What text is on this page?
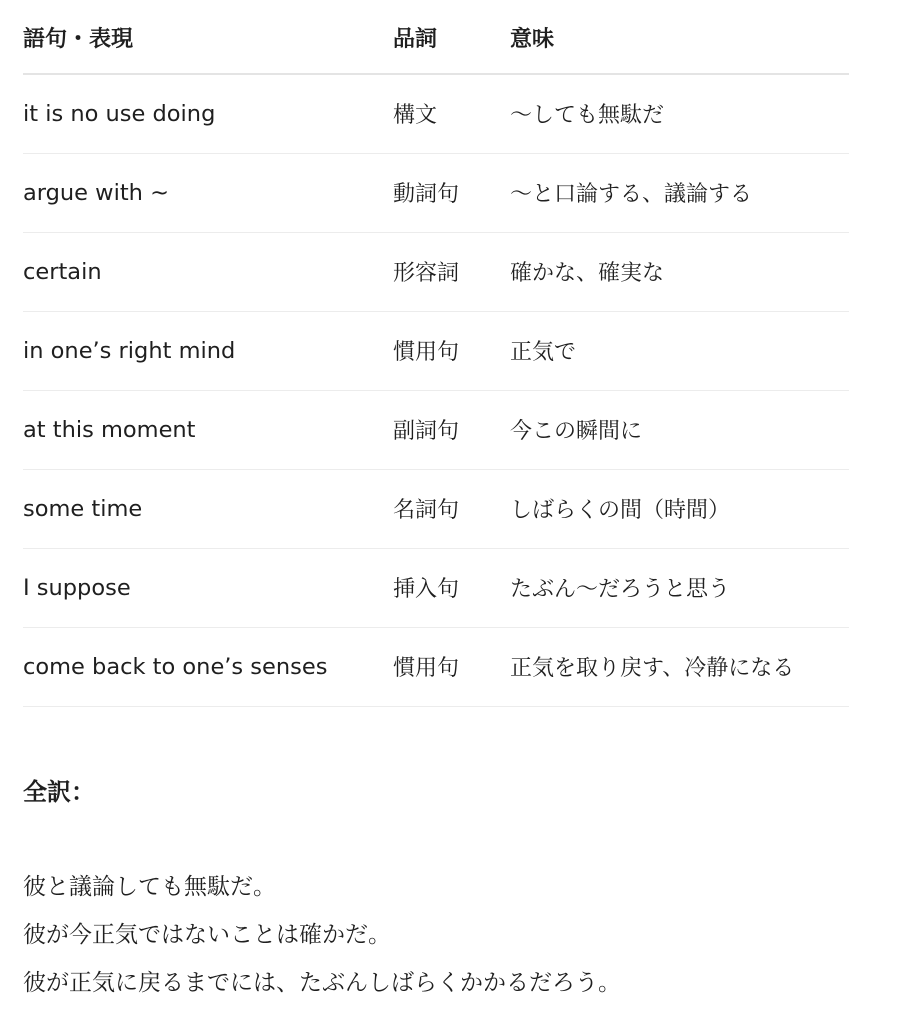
語句・表現	品詞	意味
it is no use doing	構文	〜しても無駄だ
argue with ~	動詞句	〜と口論する、議論する
certain	形容詞	確かな、確実な
in one’s right mind	慣用句	正気で
at this moment	副詞句	今この瞬間に
some time	名詞句	しばらくの間（時間）
I suppose	挿入句	たぶん〜だろうと思う
come back to one’s senses	慣用句	正気を取り戻す、冷静になる
全訳：
彼と議論しても無駄だ。
彼が今正気ではないことは確かだ。
彼が正気に戻るまでには、たぶんしばらくかかるだろう。
